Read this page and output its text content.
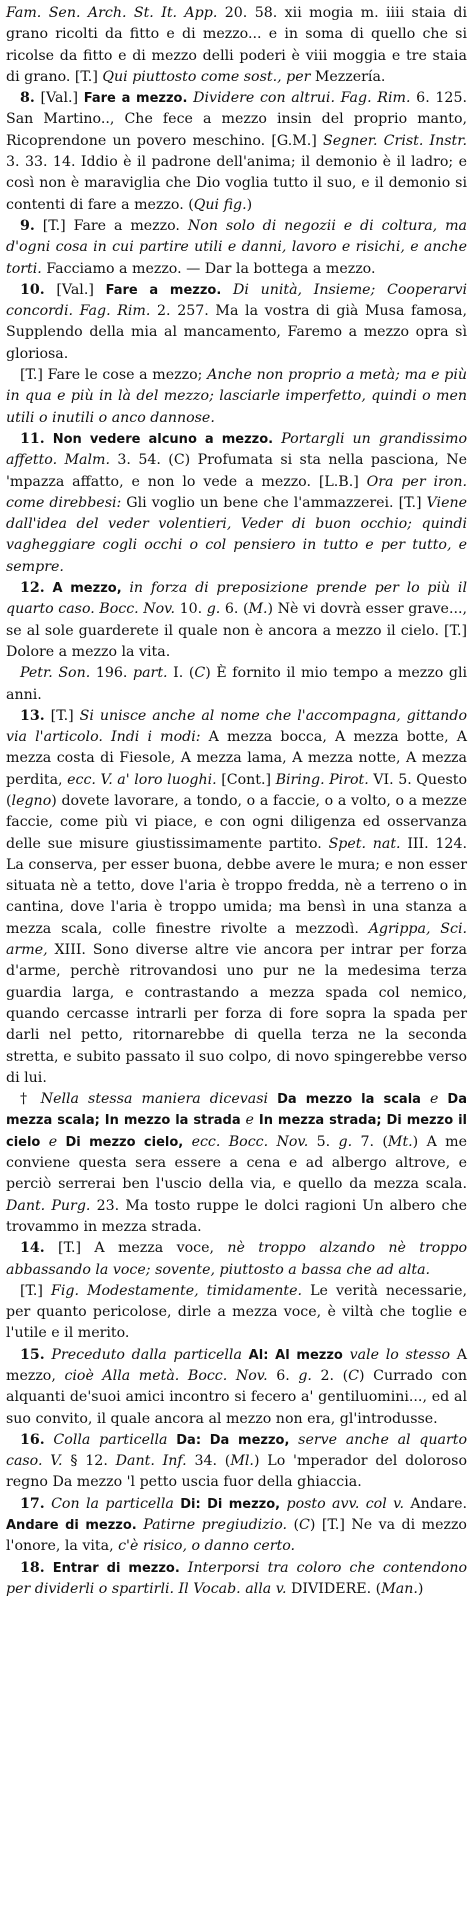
Fam. Sen. Arch. St. It. App. 20. 58. xii mogia m. iiii staia di grano ricolti da fitto e di mezzo... e in soma di quello che si ricolse da fitto e di mezzo delli poderi è viii moggia e tre staia di grano. [T.] Qui piuttosto come sost., per Mezzería.

8. [Val.] Fare a mezzo. Dividere con altrui. Fag. Rim. 6. 125. San Martino.., Che fece a mezzo insin del proprio manto, Ricoprendone un povero meschino. [G.M.] Segner. Crist. Instr. 3. 33. 14. Iddio è il padrone dell'anima; il demonio è il ladro; e così non è maraviglia che Dio voglia tutto il suo, e il demonio si contenti di fare a mezzo. (Qui fig.)

9. [T.] Fare a mezzo. Non solo di negozii e di coltura, ma d'ogni cosa in cui partire utili e danni, lavoro e risichi, e anche torti. Facciamo a mezzo. — Dar la bottega a mezzo.

10. [Val.] Fare a mezzo. Di unità, Insieme; Cooperarvi concordi. Fag. Rim. 2. 257. Ma la vostra di già Musa famosa, Supplendo della mia al mancamento, Faremo a mezzo opra sì gloriosa.

[T.] Fare le cose a mezzo; Anche non proprio a metà; ma e più in qua e più in là del mezzo; lasciarle imperfetto, quindi o men utili o inutili o anco dannose.

11. Non vedere alcuno a mezzo. Portargli un grandissimo affetto. Malm. 3. 54. (C) Profumata si sta nella pasciona, Ne 'mpazza affatto, e non lo vede a mezzo. [L.B.] Ora per iron. come direbbesi: Gli voglio un bene che l'ammazzerei. [T.] Viene dall'idea del veder volentieri, Veder di buon occhio; quindi vagheggiare cogli occhi o col pensiero in tutto e per tutto, e sempre.

12. A mezzo, in forza di preposizione prende per lo più il quarto caso. Bocc. Nov. 10. g. 6. (M.) Nè vi dovrà esser grave..., se al sole guarderete il quale non è ancora a mezzo il cielo. [T.] Dolore a mezzo la vita.

Petr. Son. 196. part. I. (C) È fornito il mio tempo a mezzo gli anni.

13. [T.] Si unisce anche al nome che l'accompagna, gittando via l'articolo. Indi i modi: A mezza bocca, A mezza botte, A mezza costa di Fiesole, A mezza lama, A mezza notte, A mezza perdita, ecc. V. a' loro luoghi. [Cont.] Biring. Pirot. VI. 5. Questo (legno) dovete lavorare, a tondo, o a faccie, o a volto, o a mezze faccie, come più vi piace, e con ogni diligenza ed osservanza delle sue misure giustissimamente partito. Spet. nat. III. 124. La conserva, per esser buona, debbe avere le mura; e non esser situata nè a tetto, dove l'aria è troppo fredda, nè a terreno o in cantina, dove l'aria è troppo umida; ma bensì in una stanza a mezza scala, colle finestre rivolte a mezzodì. Agrippa, Sci. arme, XIII. Sono diverse altre vie ancora per intrar per forza d'arme, perchè ritrovandosi uno pur ne la medesima terza guardia larga, e contrastando a mezza spada col nemico, quando cercasse intrarli per forza di fore sopra la spada per darli nel petto, ritornarebbe di quella terza ne la seconda stretta, e subito passato il suo colpo, di novo spingerebbe verso di lui.

† Nella stessa maniera dicevasi Da mezzo la scala e Da mezza scala; In mezzo la strada e In mezza strada; Di mezzo il cielo e Di mezzo cielo, ecc. Bocc. Nov. 5. g. 7. (Mt.) A me conviene questa sera essere a cena e ad albergo altrove, e perciò serrerai ben l'uscio della via, e quello da mezza scala. Dant. Purg. 23. Ma tosto ruppe le dolci ragioni Un albero che trovammo in mezza strada.

14. [T.] A mezza voce, nè troppo alzando nè troppo abbassando la voce; sovente, piuttosto a bassa che ad alta.

[T.] Fig. Modestamente, timidamente. Le verità necessarie, per quanto pericolose, dirle a mezza voce, è viltà che toglie e l'utile e il merito.

15. Preceduto dalla particella Al: Al mezzo vale lo stesso A mezzo, cioè Alla metà. Bocc. Nov. 6. g. 2. (C) Currado con alquanti de'suoi amici incontro si fecero a' gentiluomini..., ed al suo convito, il quale ancora al mezzo non era, gl'introdusse.

16. Colla particella Da: Da mezzo, serve anche al quarto caso. V. § 12. Dant. Inf. 34. (Ml.) Lo 'mperador del doloroso regno Da mezzo 'l petto uscia fuor della ghiaccia.

17. Con la particella Di: Di mezzo, posto avv. col v. Andare. Andare di mezzo. Patirne pregiudizio. (C) [T.] Ne va di mezzo l'onore, la vita, c'è risico, o danno certo.

18. Entrar di mezzo. Interporsi tra coloro che contendono per dividerli o spartirli. Il Vocab. alla v. DIVIDERE. (Man.)
